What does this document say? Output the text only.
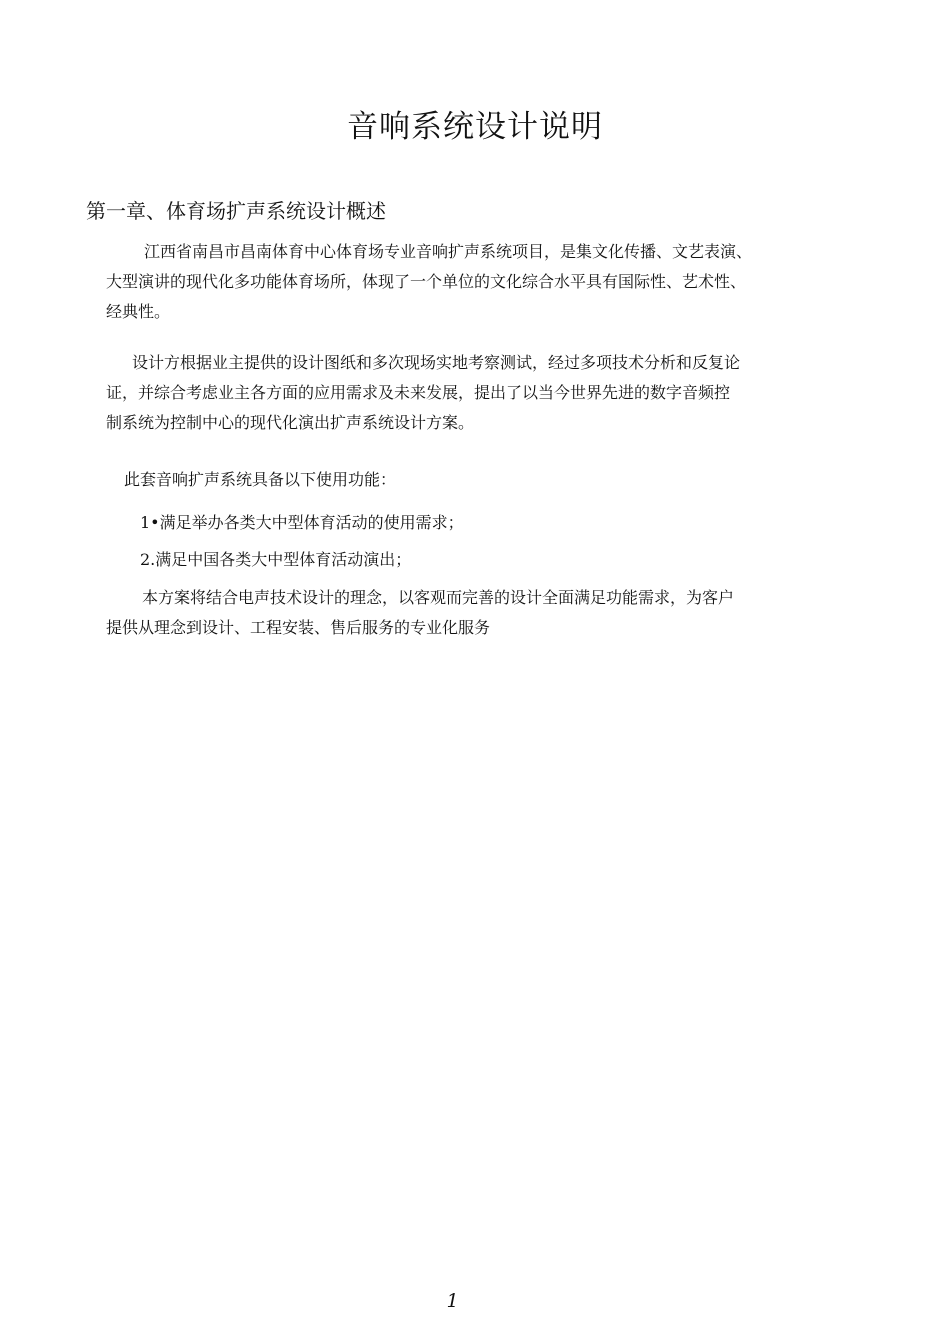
音响系统设计说明
第一章、体育场扩声系统设计概述

江西省南昌市昌南体育中心体育场专业音响扩声系统项目，是集文化传播、文艺表演、
大型演讲的现代化多功能体育场所，体现了一个单位的文化综合水平具有国际性、艺术性、
经典性。

设计方根据业主提供的设计图纸和多次现场实地考察测试，经过多项技术分析和反复论
证，并综合考虑业主各方面的应用需求及未来发展，提出了以当今世界先进的数字音频控
制系统为控制中心的现代化演出扩声系统设计方案。

此套音响扩声系统具备以下使用功能：

1•满足举办各类大中型体育活动的使用需求；

2.满足中国各类大中型体育活动演出；

本方案将结合电声技术设计的理念，以客观而完善的设计全面满足功能需求，为客户
提供从理念到设计、工程安装、售后服务的专业化服务

1
